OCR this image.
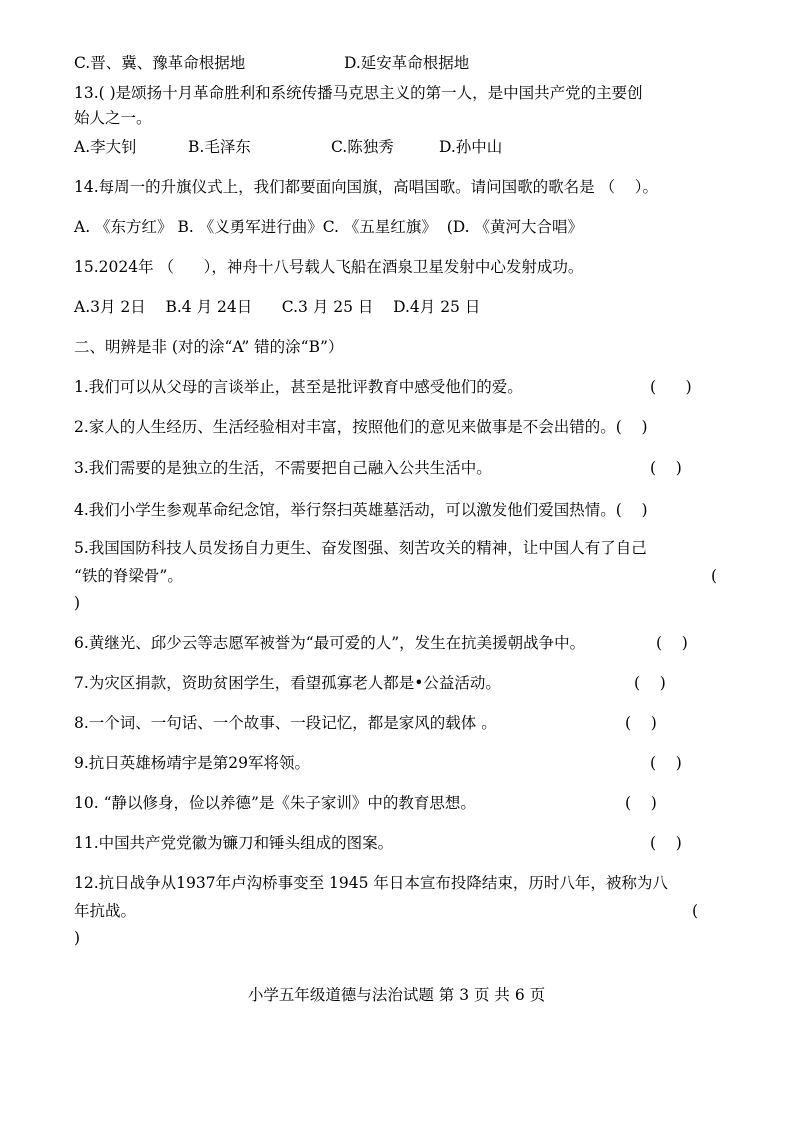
C.晋、冀、豫革命根据地	D.延安革命根据地
13.( )是颂扬十月革命胜利和系统传播马克思主义的第一人，是中国共产党的主要创
始人之一。
A.李大钊	B.毛泽东	C.陈独秀	D.孙中山
14.每周一的升旗仪式上，我们都要面向国旗，高唱国歌。请问国歌的歌名是 （    ）。
A. 《东方红》 B. 《义勇军进行曲》C. 《五星红旗》  (D. 《黄河大合唱》
15.2024年 （      ），神舟十八号载人飞船在酒泉卫星发射中心发射成功。
A.3月 2日    B.4 月 24日      C.3 月 25 日    D.4月 25 日
二、明辨是非 (对的涂“A” 错的涂“B”）
1.我们可以从父母的言谈举止，甚至是批评教育中感受他们的爱。	(      )
2.家人的人生经历、生活经验相对丰富，按照他们的意见来做事是不会出错的。(    )
3.我们需要的是独立的生活，不需要把自己融入公共生活中。	(    )
4.我们小学生参观革命纪念馆，举行祭扫英雄墓活动，可以激发他们爱国热情。(    )
5.我国国防科技人员发扬自力更生、奋发图强、刻苦攻关的精神，让中国人有了自己
“铁的脊梁骨”。	(
)
6.黄继光、邱少云等志愿军被誉为“最可爱的人”，发生在抗美援朝战争中。	(    )
7.为灾区捐款，资助贫困学生，看望孤寡老人都是•公益活动。	(    )
8.一个词、一句话、一个故事、一段记忆，都是家风的载体 。	(    )
9.抗日英雄杨靖宇是第29军将领。	(    )
10. “静以修身，俭以养德”是《朱子家训》中的教育思想。	(    )
11.中国共产党党徽为镰刀和锤头组成的图案。	(    )
12.抗日战争从1937年卢沟桥事变至 1945 年日本宣布投降结束，历时八年，被称为八
年抗战。	(
)
小学五年级道德与法治试题 第 3 页 共 6 页
